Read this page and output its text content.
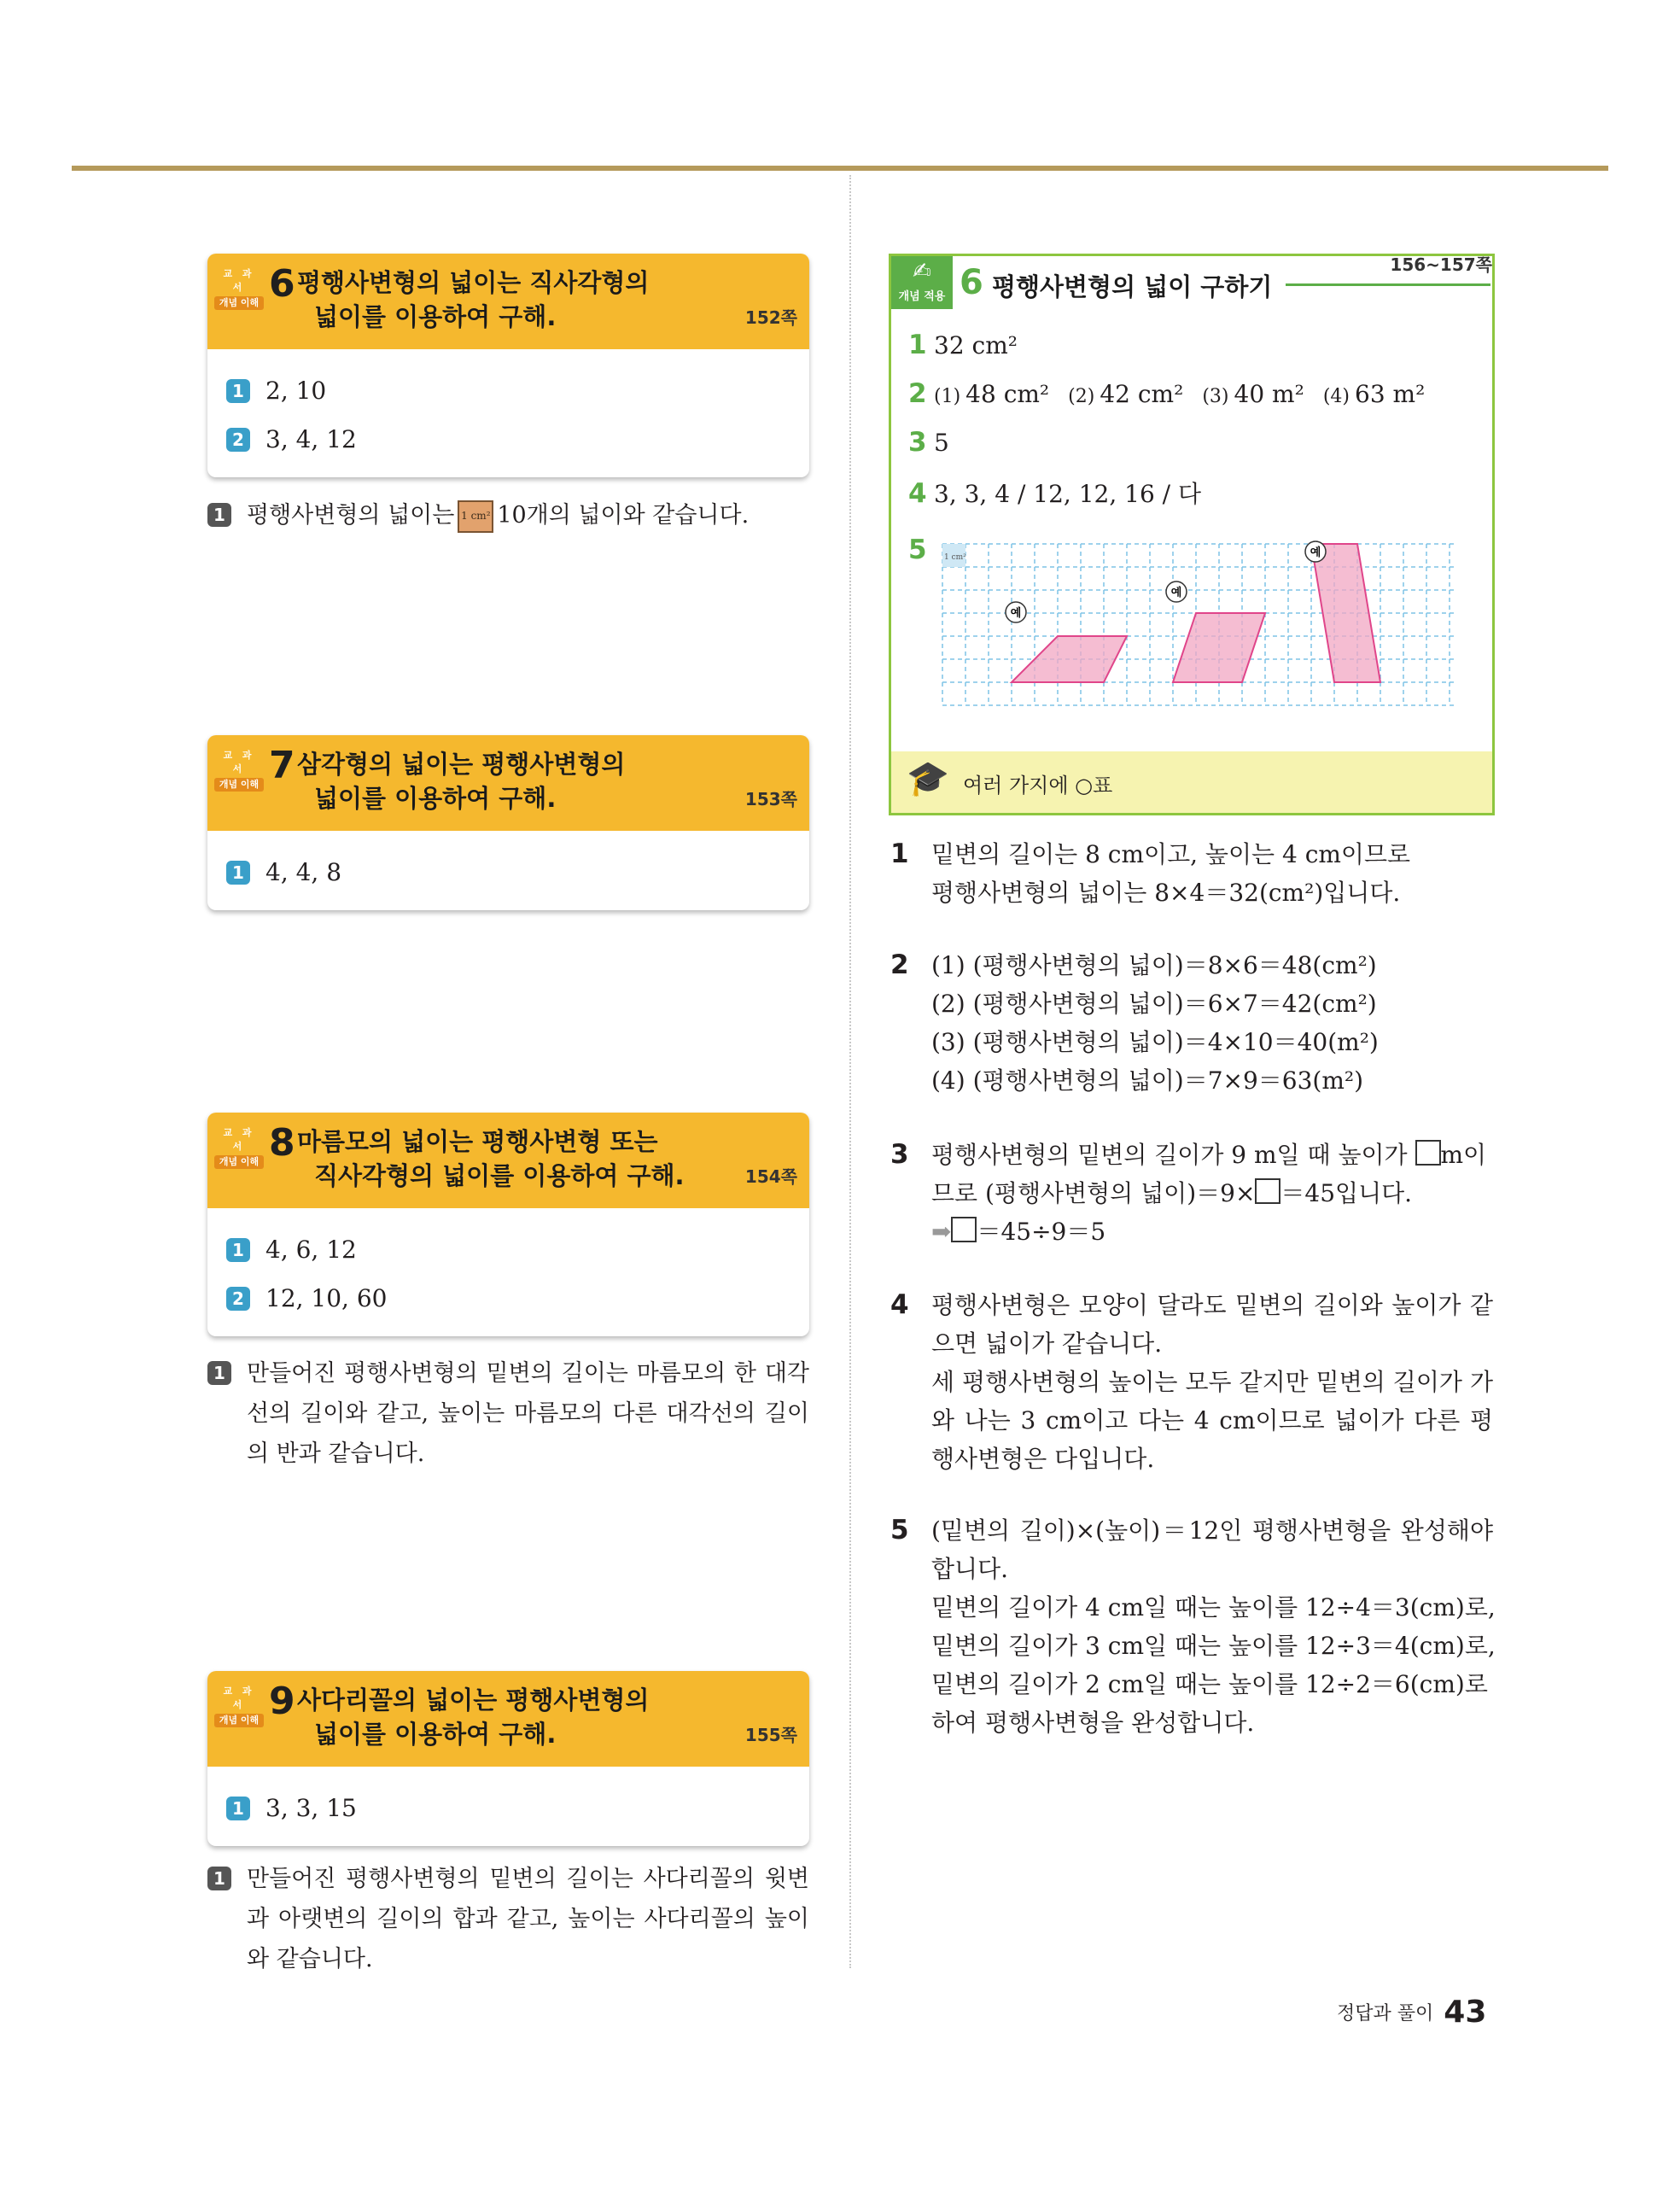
교 과 서
개념 이해 6 평행사변형의 넓이는 직사각형의
넓이를 이용하여 구해.	152쪽
1 2, 10
2 3, 4, 12
1 평행사변형의 넓이는 1 cm² 10개의 넓이와 같습니다.
교 과 서
개념 이해 7 삼각형의 넓이는 평행사변형의
넓이를 이용하여 구해.	153쪽
1 4, 4, 8
교 과 서
개념 이해 8 마름모의 넓이는 평행사변형 또는
직사각형의 넓이를 이용하여 구해.	154쪽
1 4, 6, 12
2 12, 10, 60
1 만들어진 평행사변형의 밑변의 길이는 마름모의 한 대각선의 길이와 같고, 높이는 마름모의 다른 대각선의 길이의 반과 같습니다.
교 과 서
개념 이해 9 사다리꼴의 넓이는 평행사변형의
넓이를 이용하여 구해.	155쪽
1 3, 3, 15
1 만들어진 평행사변형의 밑변의 길이는 사다리꼴의 윗변과 아랫변의 길이의 합과 같고, 높이는 사다리꼴의 높이와 같습니다.
✍
개념 적용 6 평행사변형의 넓이 구하기
156~157쪽
1 32 cm²
2 (1) 48 cm² (2) 42 cm² (3) 40 m² (4) 63 m²
3 5
4 3, 3, 4 / 12, 12, 16 / 다
5	1 cm²
예
예
예
🎓 여러 가지에 ○표
1 밑변의 길이는 8 cm이고, 높이는 4 cm이므로
평행사변형의 넓이는 8×4＝32(cm²)입니다.
2 (1) (평행사변형의 넓이)＝8×6＝48(cm²)
(2) (평행사변형의 넓이)＝6×7＝42(cm²)
(3) (평행사변형의 넓이)＝4×10＝40(m²)
(4) (평행사변형의 넓이)＝7×9＝63(m²)
3 평행사변형의 밑변의 길이가 9 m일 때 높이가 m이
므로 (평행사변형의 넓이)＝9× ＝45입니다.
➡ ＝45÷9＝5
4 평행사변형은 모양이 달라도 밑변의 길이와 높이가 같으면 넓이가 같습니다.
세 평행사변형의 높이는 모두 같지만 밑변의 길이가 가와 나는 3 cm이고 다는 4 cm이므로 넓이가 다른 평행사변형은 다입니다.
5 (밑변의 길이)×(높이)＝12인 평행사변형을 완성해야 합니다.
밑변의 길이가 4 cm일 때는 높이를 12÷4＝3(cm)로,
밑변의 길이가 3 cm일 때는 높이를 12÷3＝4(cm)로,
밑변의 길이가 2 cm일 때는 높이를 12÷2＝6(cm)로
하여 평행사변형을 완성합니다.
정답과 풀이 43
